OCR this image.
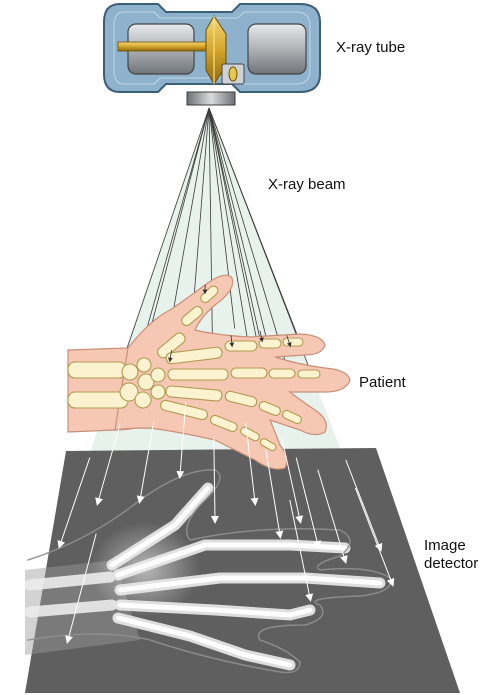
X-ray tube
X-ray beam
Patient
Image
detector
